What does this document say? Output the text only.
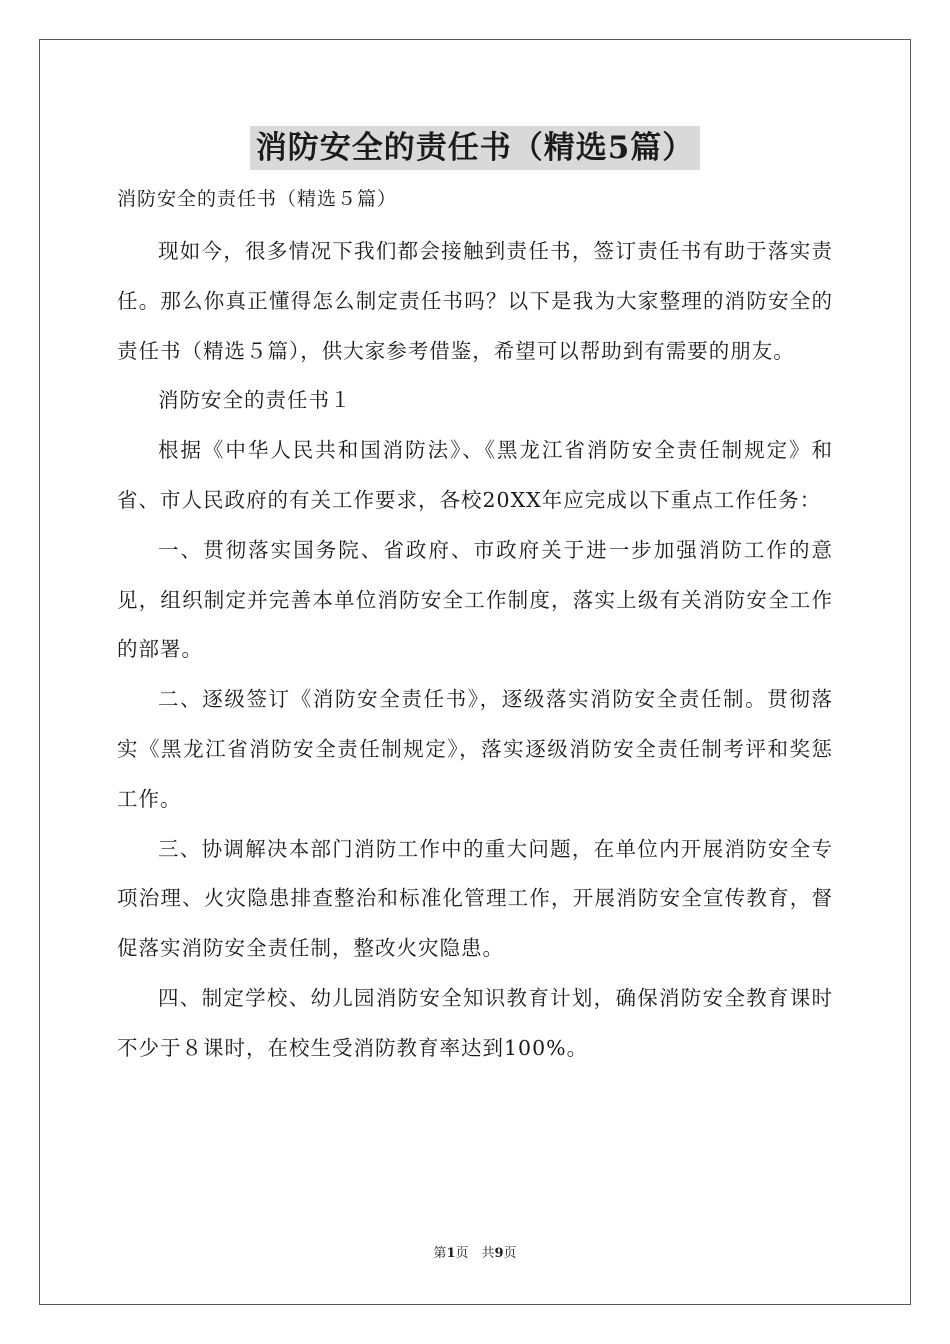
消防安全的责任书（精选5篇）
消防安全的责任书（精选５篇）

现如今，很多情况下我们都会接触到责任书，签订责任书有助于落实责任。那么你真正懂得怎么制定责任书吗？以下是我为大家整理的消防安全的责任书（精选５篇），供大家参考借鉴，希望可以帮助到有需要的朋友。

消防安全的责任书１

根据《中华人民共和国消防法》、《黑龙江省消防安全责任制规定》和省、市人民政府的有关工作要求，各校20XX年应完成以下重点工作任务：

一、贯彻落实国务院、省政府、市政府关于进一步加强消防工作的意见，组织制定并完善本单位消防安全工作制度，落实上级有关消防安全工作的部署。

二、逐级签订《消防安全责任书》，逐级落实消防安全责任制。贯彻落实《黑龙江省消防安全责任制规定》，落实逐级消防安全责任制考评和奖惩工作。

三、协调解决本部门消防工作中的重大问题，在单位内开展消防安全专项治理、火灾隐患排查整治和标准化管理工作，开展消防安全宣传教育，督促落实消防安全责任制，整改火灾隐患。

四、制定学校、幼儿园消防安全知识教育计划，确保消防安全教育课时不少于８课时，在校生受消防教育率达到100%。

第1页　共9页
